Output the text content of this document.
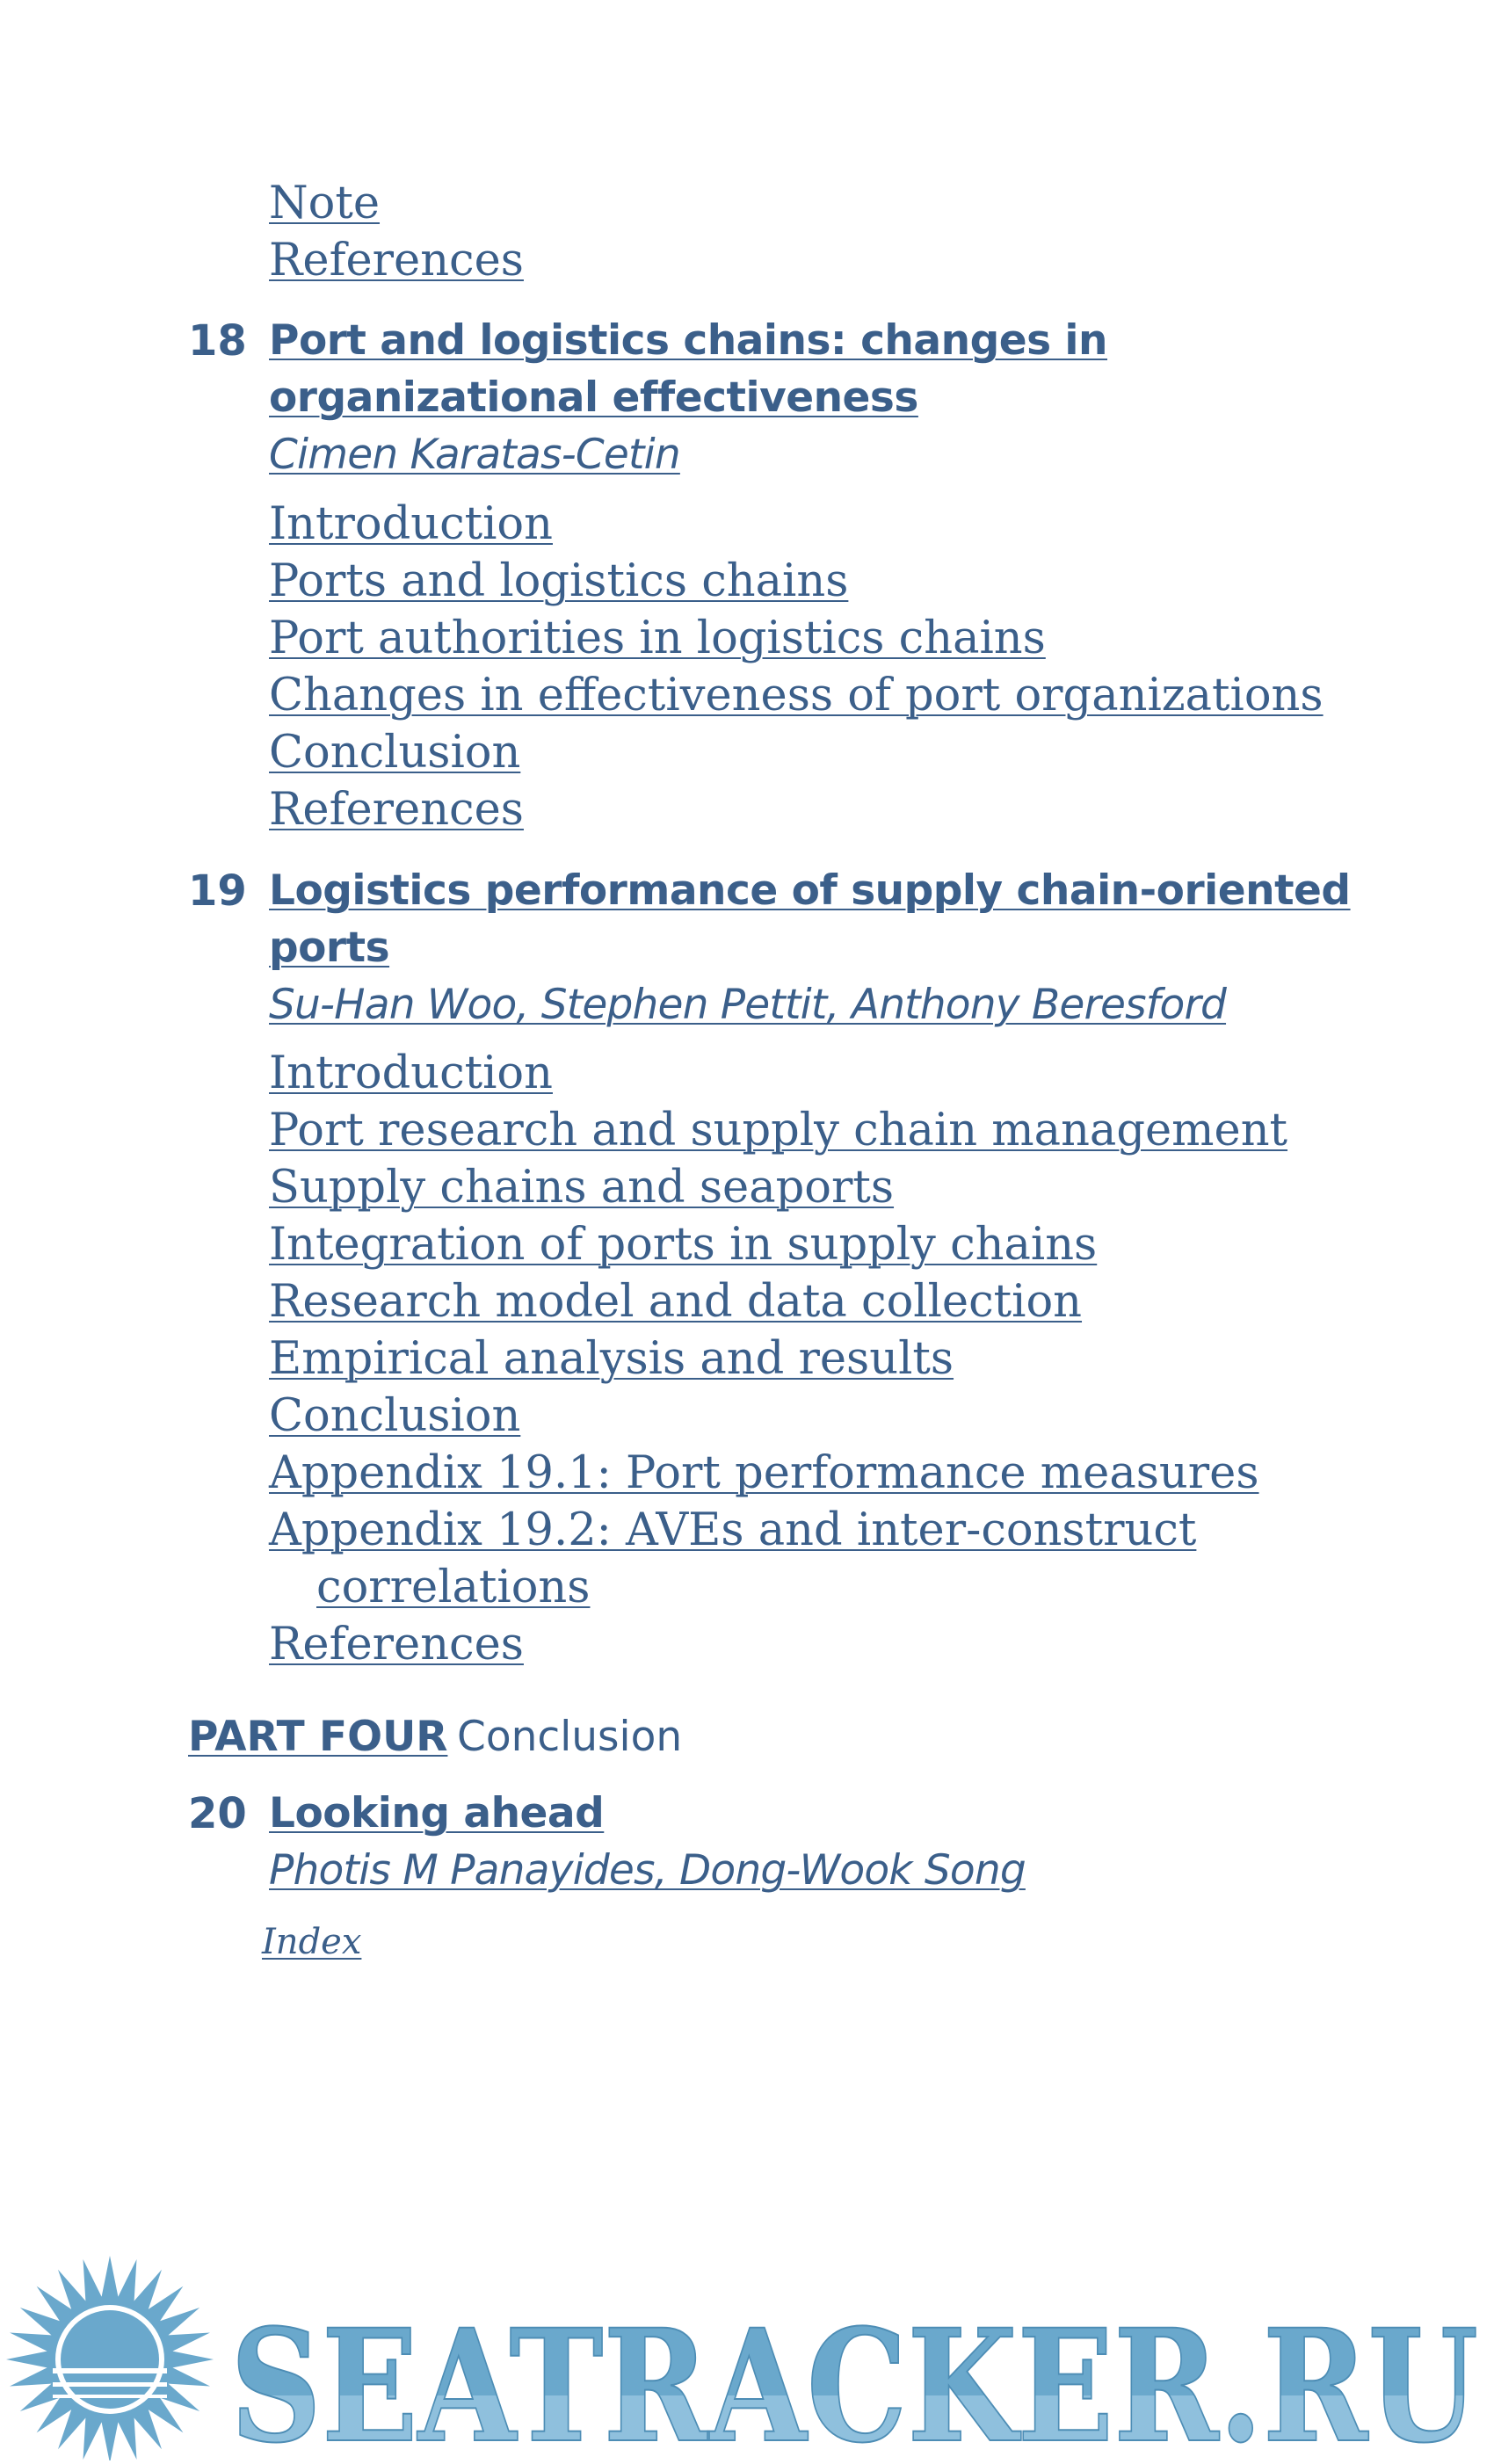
Note
References
18 Port and logistics chains: changes in
organizational effectiveness
Cimen Karatas-Cetin
Introduction
Ports and logistics chains
Port authorities in logistics chains
Changes in effectiveness of port organizations
Conclusion
References
19 Logistics performance of supply chain-oriented
ports
Su-Han Woo, Stephen Pettit, Anthony Beresford
Introduction
Port research and supply chain management
Supply chains and seaports
Integration of ports in supply chains
Research model and data collection
Empirical analysis and results
Conclusion
Appendix 19.1: Port performance measures
Appendix 19.2: AVEs and inter-construct
correlations
References
PART FOUR Conclusion
20 Looking ahead
Photis M Panayides, Dong-Wook Song
Index
SEATRACKER.RU
